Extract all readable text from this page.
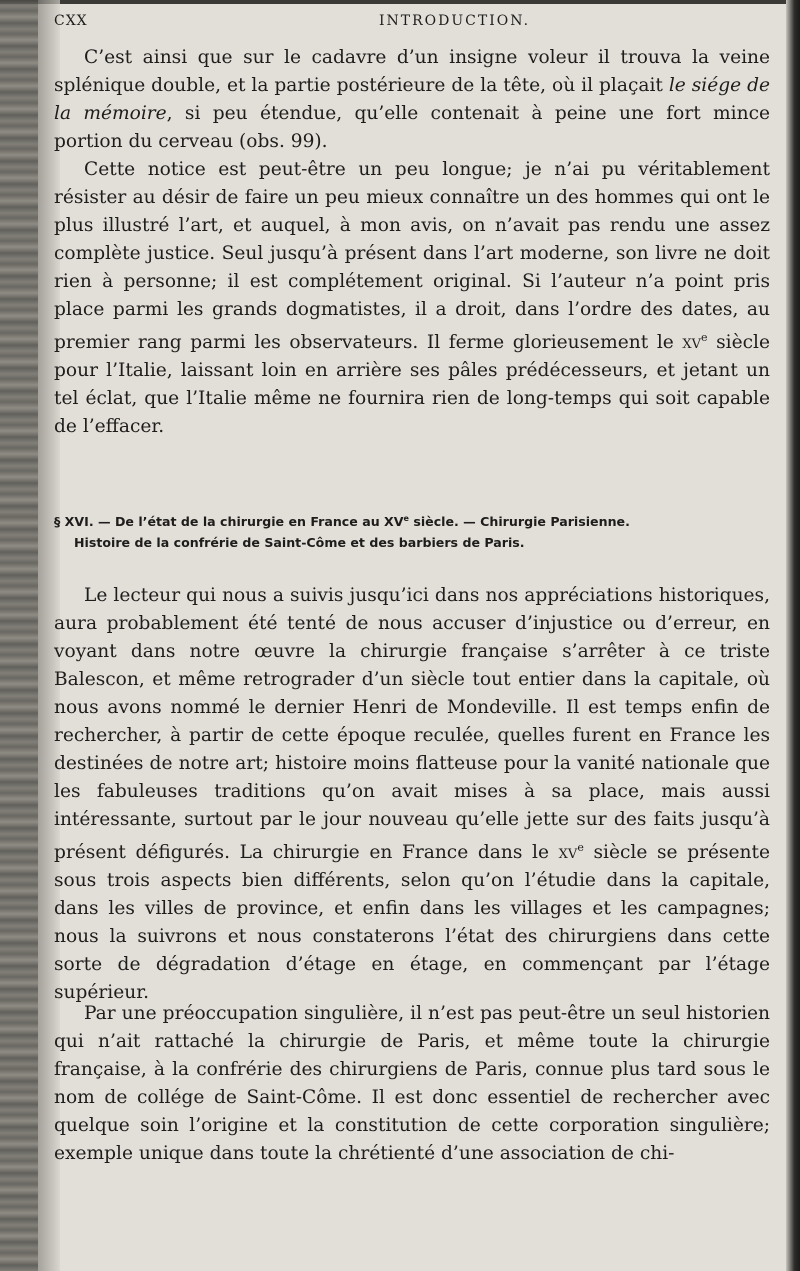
CXX	INTRODUCTION.

C’est ainsi que sur le cadavre d’un insigne voleur il trouva la veine splénique double, et la partie postérieure de la tête, où il plaçait le siége de la mémoire, si peu étendue, qu’elle contenait à peine une fort mince portion du cerveau (obs. 99).

Cette notice est peut-être un peu longue; je n’ai pu véritablement résister au désir de faire un peu mieux connaître un des hommes qui ont le plus illustré l’art, et auquel, à mon avis, on n’avait pas rendu une assez complète justice. Seul jusqu’à présent dans l’art moderne, son livre ne doit rien à personne; il est complétement original. Si l’auteur n’a point pris place parmi les grands dogmatistes, il a droit, dans l’ordre des dates, au premier rang parmi les observateurs. Il ferme glorieusement le $xv^e$ siècle pour l’Italie, laissant loin en arrière ses pâles prédécesseurs, et jetant un tel éclat, que l’Italie même ne fournira rien de long-temps qui soit capable de l’effacer.

§ XVI. — De l’état de la chirurgie en France au XVe siècle. — Chirurgie Parisienne.
Histoire de la confrérie de Saint-Côme et des barbiers de Paris.

Le lecteur qui nous a suivis jusqu’ici dans nos appréciations historiques, aura probablement été tenté de nous accuser d’injustice ou d’erreur, en voyant dans notre œuvre la chirurgie française s’arrêter à ce triste Balescon, et même retrograder d’un siècle tout entier dans la capitale, où nous avons nommé le dernier Henri de Mondeville. Il est temps enfin de rechercher, à partir de cette époque reculée, quelles furent en France les destinées de notre art; histoire moins flatteuse pour la vanité nationale que les fabuleuses traditions qu’on avait mises à sa place, mais aussi intéressante, surtout par le jour nouveau qu’elle jette sur des faits jusqu’à présent défigurés. La chirurgie en France dans le $xv^e$ siècle se présente sous trois aspects bien différents, selon qu’on l’étudie dans la capitale, dans les villes de province, et enfin dans les villages et les campagnes; nous la suivrons et nous constaterons l’état des chirurgiens dans cette sorte de dégradation d’étage en étage, en commençant par l’étage supérieur.

Par une préoccupation singulière, il n’est pas peut-être un seul historien qui n’ait rattaché la chirurgie de Paris, et même toute la chirurgie française, à la confrérie des chirurgiens de Paris, connue plus tard sous le nom de collége de Saint-Côme. Il est donc essentiel de rechercher avec quelque soin l’origine et la constitution de cette corporation singulière; exemple unique dans toute la chrétienté d’une association de chi-
